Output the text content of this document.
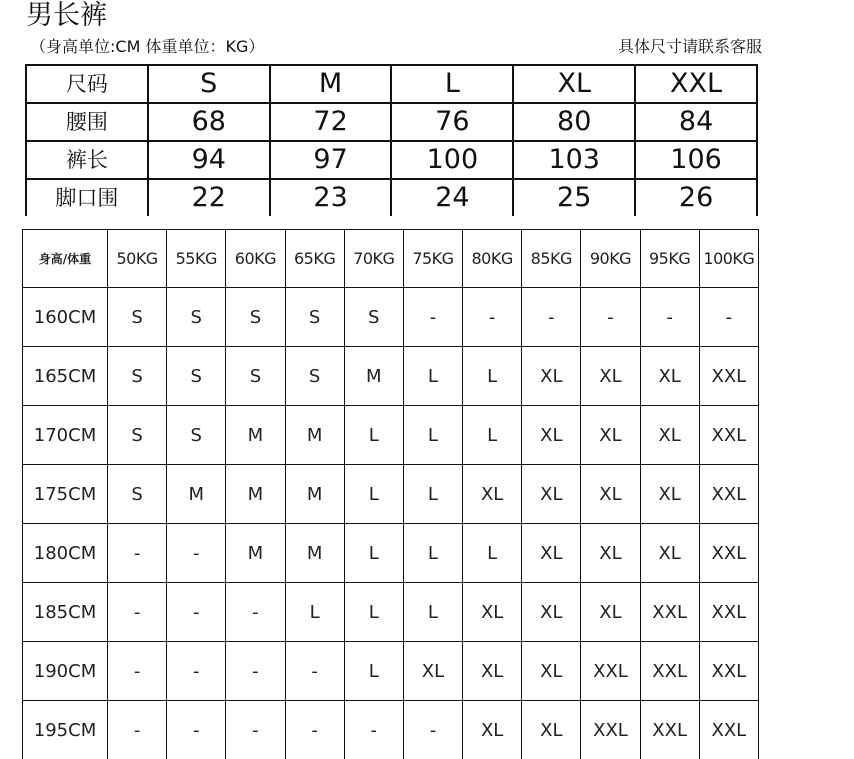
男长裤
（身高单位:CM 体重单位：KG）	具体尺寸请联系客服
尺码	S	M	L	XL	XXL
腰围	68	72	76	80	84
裤长	94	97	100	103	106
脚口围	22	23	24	25	26
身高/体重	50KG	55KG	60KG	65KG	70KG	75KG	80KG	85KG	90KG	95KG	100KG
160CM	S	S	S	S	S	-	-	-	-	-	-
165CM	S	S	S	S	M	L	L	XL	XL	XL	XXL
170CM	S	S	M	M	L	L	L	XL	XL	XL	XXL
175CM	S	M	M	M	L	L	XL	XL	XL	XL	XXL
180CM	-	-	M	M	L	L	L	XL	XL	XL	XXL
185CM	-	-	-	L	L	L	XL	XL	XL	XXL	XXL
190CM	-	-	-	-	L	XL	XL	XL	XXL	XXL	XXL
195CM	-	-	-	-	-	-	XL	XL	XXL	XXL	XXL
